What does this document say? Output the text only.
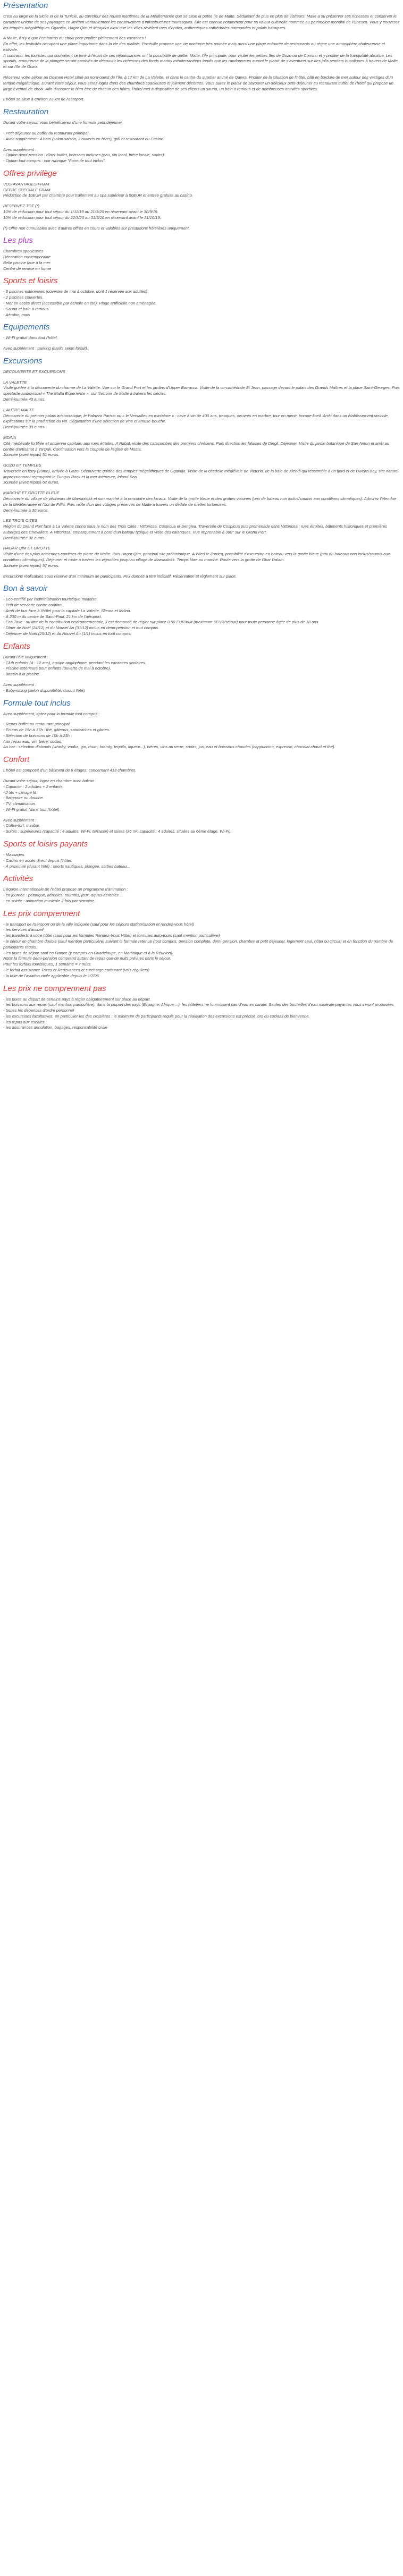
Présentation

C'est au large de la Sicile et de la Tunisie, au carrefour des routes maritimes de la Méditerranée que se situe la petite île de Malte. Séduisant de plus en plus de visiteurs, Malte a su préserver ses richesses et conserver le caractère unique de ses paysages en limitant véritablement les constructions d'infrastructures touristiques. Elle est connue notamment pour sa valeur culturelle nommée au patrimoine mondial de l'Unesco. Vous y trouverez les temples mégalithiques Ggantija, Hagar Qim et Mnaydra ainsi que les villes révélant raes d'ondes, authentiques cathédrales normandes et palais baroques.

A Malte, il n'y a que l'embarras du choix pour profiter pleinement des vacances !
En effet, les festivités occupent une place importante dans la vie des maltais. Pacéville propose une vie nocturne très animée mais aussi une plage entourée de restaurants ou règne une atmosphère chaleureuse et estivale.
A contrario, les touristes qui souhaitent se tenir à l'écart de ces réjouissances ont la possibilité de quitter Malte, l'île principale, pour visiter les petites îles de Gozo ou de Comino et y profiter de la tranquillité absolue. Les sportifs, amoureuse de la plongée seront comblés de découvrir les richesses des fonds marins méditerranéens tandis que les randonneurs auront le plaisir de s'aventurer sur des jolis sentiers bucoliques à travers de Malte et sur l'île de Gozo.

Réservez votre séjour au Dolmen Hotel situé au nord-ouest de l'île, à 17 km de La Valette, et dans le centre du quartier animé de Qawra. Profiter de la situation de l'hôtel, bâti en bordure de mer autour des vestiges d'un temple mégalithique. Durant votre séjour, vous serez logés dans des chambres spacieuses et joliment décorées. Vous aurez le plaisir de savourer un délicieux petit-déjeuner au restaurant buffet de l'hôtel qui propose un large éventail de choix. Afin d'assurer le bien-être de chacun des hôtes, l'hôtel met à disposition de ses clients un sauna, un bain à remous et de nombreuses activités sportives.

L'hôtel se situe à environ 23 km de l'aéroport.

Restauration

Durant votre séjour, vous bénéficierez d'une formule petit déjeuner.

- Petit déjeuner au buffet du restaurant principal .
- Avec supplément : 4 bars (salon saison, 2 ouverts en hiver), grill et restaurant du Casino.

Avec supplément :
- Option demi-pension : dîner buffet, boissons incluses (eau, vin local, bière locale, sodas).
- Option tout compris : voir rubrique "Formule tout inclus".

Offres privilège

VOS AVANTAGES FRAM
OFFRE SPECIALE FRAM
Réduction de 10EUR par chambre pour traitement au spa supérieur à 50EUR et entrée gratuite au casino.

RESERVEZ TOT (*)
10% de réduction pour tout séjour du 1/11/19 au 21/3/20 en réservant avant le 30/9/19.
10% de réduction pour tout séjour du 22/3/20 au 31/3/20 en réservant avant le 31/10/19.

(*) Offre non cumulables avec d'autres offres en cours et valables sur prestations hôtelières uniquement.

Les plus

Chambres spacieuses
Décoration contemporaine
Belle piscine face à la mer
Centre de remise en forme

Sports et loisirs

- 3 piscines extérieures (ouvertes de mai à octobre, dont 1 réservée aux adultes)
- 2 piscines couvertes.
- Mer en accès direct (accessible par échelle en été). Plage artificielle non aménagée.
- Sauna et bain à remous.
- Aérobic, mais

Equipements

- Wi-Fi gratuit dans tout l'hôtel.

Avec supplément : parking (baril's selon forfait).

Excursions

DECOUVERTE ET EXCURSIONS

LA VALETTE
Visite guidée à la découverte du charme de La Valette. Vue sur le Grand Port et les jardins d'Upper Barracca. Visite de la co-cathédrale St Jean, passage devant le palais des Grands Maîtres et la place Saint-Georges. Puis spectacle audiovisuel « The Malta Experience », sur l'histoire de Malte à travers les siècles.
Demi-journée 40 euros.

L'AUTRE MALTE
Découverte du premier palais aristocratique, le Palazzo Parisio ou « le Versailles en miniature » : cave à vin de 400 ans, treaques, oeuvres en marbre, tour en miroir, trompe-l'oeil. Arrêt dans un établissement vinicole, explications sur la production du vin. Dégustation d'une sélection de vins et amuse-bouche.
Demi-journée 39 euros.

MDINA
Cité médiévale fortifiée et ancienne capitale, aux rues étroites. A Rabat, visite des catacombes des premiers chrétiens. Puis direction les falaises de Dingli. Déjeuner. Visite du jardin botanique de San Anton et arrêt au centre d'artisanat à Ta'Qali. Continuation vers la coupole de l'église de Mosta.
Journée (avec repas) 51 euros.

GOZO ET TEMPLES
Traversée en ferry (20mn), arrivée à Gozo. Découverte guidée des temples mégalithiques de Ggantija. Visite de la citadelle médiévale de Victoria, de la baie de Xlendi qui ressemble à un fjord et de Dwejra Bay, site naturel impressionnant regroupant le Fungus Rock et la mer intérieure, Inland Sea.
Journée (avec repas) 62 euros.

MARCHE ET GROTTE BLEUE
Découverte du village de pêcheurs de Marsaxlokk et son marché à la rencontre des locaux. Visite de la grotte bleue et des grottes voisines (prix de bateau non inclus/soumis aux conditions climatiques). Admirez l'étendue de la Méditerranée et l'îlot de Filfla. Puis visite d'un des villages préservés de Malte à travers un dédale de ruelles tortueuses.
Demi-journée à 30 euros.

LES TROIS CITES
Région du Grand Port face à La Valette connu sous le nom des Trois Cités : Vittoriosa, Cospicua et Senglea. Traversée de Cospicua puis promenade dans Vittoriosa : rues étroites, bâtiments historiques et premières auberges des Chevaliers. A Vittoriosa, embarquement à bord d'un bateau typique et visite des calanques. Vue imprenable à 360° sur le Grand Port.
Demi-journée 32 euros

HAGAR QIM ET GROTTE
Visite d'une des plus anciennes carrières de pierre de Malte. Puis Hagar Qim, principal site préhistorique. A Wied iz-Zurrieq, possibilité d'excursion en bateau vers la grotte bleue (prix du bateaux non inclus/soumis aux conditions climatiques). Déjeuner et route à travers les vignobles jusqu'au village de Marsaxlokk. Temps libre au marché. Route vers la grotte de Ghar Dalam.
Journée (avec repas) 57 euros.

Excursions réalisables sous réserve d'un minimum de participants. Prix donnés à titre indicatif. Réservation et règlement sur place.

Bon à savoir

- Eco-certifié par l'administration touristique maltaise.
- Prêt de serviette contre caution.
- Arrêt de bus face à l'hôtel pour la capitale La Valette, Sliema et Mdina.
- À 200 m du centre de Saint-Paul, 21 km de l'aéroport.
- Eco Taxe : au titre de la contribution environnementale, il est demandé de régler sur place 0.50 EUR/nuit (maximum 5EUR/séjour) pour toute personne âgée de plus de 18 ans.
- Dîner de Noël (24/12) et du Nouvel An (31/12) inclus en demi-pension et tout compris.
- Déjeuner de Noël (25/12) et du Nouvel An (1/1) inclus en tout compris.

Enfants

Durant l'été uniquement :
- Club enfants (4 - 12 ans), équipe anglophone, pendant les vacances scolaires.
- Piscine extérieure pour enfants (ouverte de mai à octobre).
- Bassin à la piscine.

Avec supplément :
- Baby-sitting (selon disponibilité, durant l'été).

Formule tout inclus

Avec supplément, optez pour la formule tout compris :

- Repas buffet au restaurant principal.
- En cas de 15h à 17h : thé, gâteaux, sandwiches et glaces.
- Sélection de boissons de 10h à 23h :
Aux repas eau, vin, bière, sodas.
Au bar : sélection d'alcools (whisky, vodka, gin, rhum, brandy, tequila, liqueur...), bières, vins au verre, sodas, jus, eau et boissons chaudes (cappuccino, expresso, chocolat chaud et thé).

Confort

L'hôtel est composé d'un bâtiment de 6 étages, concernant 413 chambres.

Durant votre séjour, logez en chambre avec balcon :
- Capacité : 2 adultes + 2 enfants.
- 2 lits + canapé lit.
- Baignoire ou douche.
- TV, climatisation.
- Wi-Fi gratuit (dans tout l'hôtel).

Avec supplément :
- Coffre-fort, minibar.
- Suites : supérieures (capacité : 4 adultes, Wi-Fi, terrasse) et suites (36 m², capacité : 4 adultes, situées au 6ème étage, Wi-Fi).

Sports et loisirs payants

- Massages.
- Casino en accès direct depuis l'hôtel.
- À proximité (durant l'été) : sports nautiques, plongée, sorties bateau...

Activités

L'équipe internationale de l'hôtel propose un programme d'animation :
- en journée : pétanque, aérobics, tournois, jeux, aquas-aérobics ...
- en soirée : animation musicale 2 fois par semaine.

Les prix comprennent

- le transport de l'aéroport ou de la ville indiquée (sauf pour les séjours station/station et rendez-vous hôtel)
- les services d'accueil
- les transferts à votre hôtel (sauf pour les formules Rendez-Vous Hôtel) et formules auto-tours (sauf mention particulière)
- le séjour en chambre double (sauf mention particulière) suivant la formule retenue (tout compris, pension complète, demi-pension, chambre et petit déjeuner, logement seul, hôtel ou circuit) et en fonction du nombre de participants requis.
- les taxes de séjour sauf en France (y compris en Guadeloupe, en Martinique et à la Réunion).
Nota: la formule demi-pension comprend autant de repas que de nuits prévues dans le séjour.
Pour les forfaits tourisitques, 1 semaine = 7 nuits.
- le forfait assistance Taxes et Redevances et surcharge carburant (vols réguliers)
- la taxe de l'aviation civile applicable depuis le 1/7/06

Les prix ne comprennent pas

- les taxes au départ de certains pays à régler obligatoirement sur place au départ.
- les boissons aux repas (sauf mention particulière), dans la plupart des pays (Espagne, Afrique ...), les hôteliers ne fournissent pas d'eau en carafe. Seules des bouteilles d'eau minérale payantes vous seront proposées
- toutes les dépenses d'ordre personnel
- les excursions facultatives, en particulier les des croisières : le minimum de participants requis pour la réalisation des excursions est précisé lors du cocktail de bienvenue.
- les repas aux escales.
- les assurances annulation, bagages, responsabilité civile
